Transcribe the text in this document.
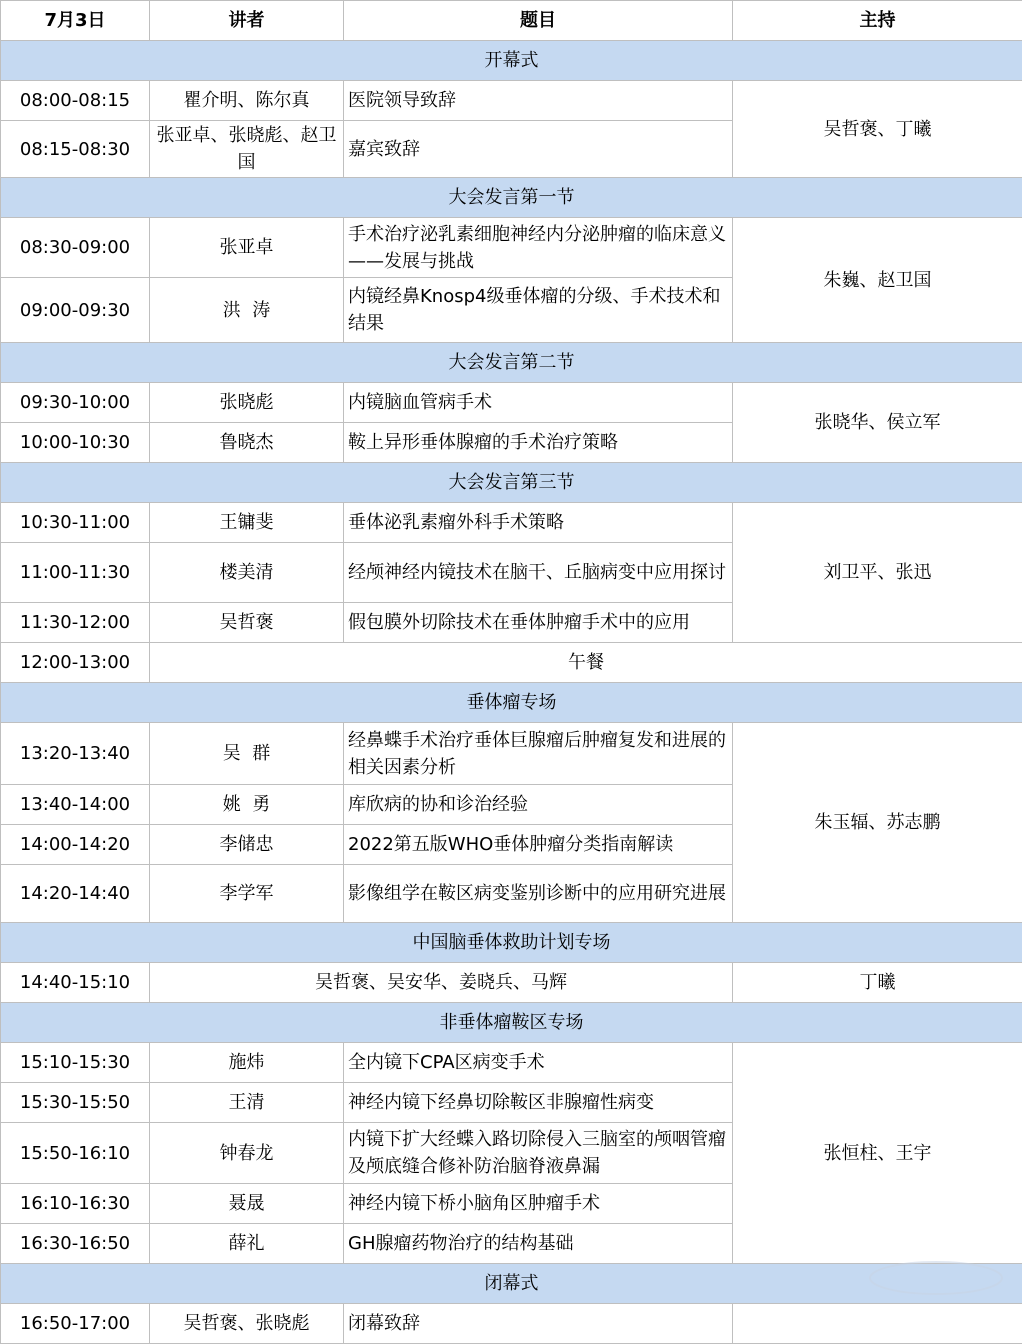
7月3日	讲者	题目	主持
开幕式			
08:00-08:15	瞿介明、陈尔真	医院领导致辞	吴哲褒、丁曦
08:15-08:30	张亚卓、张晓彪、赵卫国	嘉宾致辞	
大会发言第一节			
08:30-09:00	张亚卓	手术治疗泌乳素细胞神经内分泌肿瘤的临床意义——发展与挑战	朱巍、赵卫国
09:00-09:30	洪  涛	内镜经鼻Knosp4级垂体瘤的分级、手术技术和结果	
大会发言第二节			
09:30-10:00	张晓彪	内镜脑血管病手术	张晓华、侯立军
10:00-10:30	鲁晓杰	鞍上异形垂体腺瘤的手术治疗策略	
大会发言第三节			
10:30-11:00	王镛斐	垂体泌乳素瘤外科手术策略	刘卫平、张迅
11:00-11:30	楼美清	经颅神经内镜技术在脑干、丘脑病变中应用探讨	
11:30-12:00	吴哲褒	假包膜外切除技术在垂体肿瘤手术中的应用	
12:00-13:00	午餐		
垂体瘤专场			
13:20-13:40	吴  群	经鼻蝶手术治疗垂体巨腺瘤后肿瘤复发和进展的相关因素分析	朱玉辐、苏志鹏
13:40-14:00	姚  勇	库欣病的协和诊治经验	
14:00-14:20	李储忠	2022第五版WHO垂体肿瘤分类指南解读	
14:20-14:40	李学军	影像组学在鞍区病变鉴别诊断中的应用研究进展	
中国脑垂体救助计划专场			
14:40-15:10	吴哲褒、吴安华、姜晓兵、马辉		丁曦
非垂体瘤鞍区专场			
15:10-15:30	施炜	全内镜下CPA区病变手术	张恒柱、王宇
15:30-15:50	王清	神经内镜下经鼻切除鞍区非腺瘤性病变	
15:50-16:10	钟春龙	内镜下扩大经蝶入路切除侵入三脑室的颅咽管瘤及颅底缝合修补防治脑脊液鼻漏	
16:10-16:30	聂晟	神经内镜下桥小脑角区肿瘤手术	
16:30-16:50	薛礼	GH腺瘤药物治疗的结构基础	
闭幕式			
16:50-17:00	吴哲褒、张晓彪	闭幕致辞	
